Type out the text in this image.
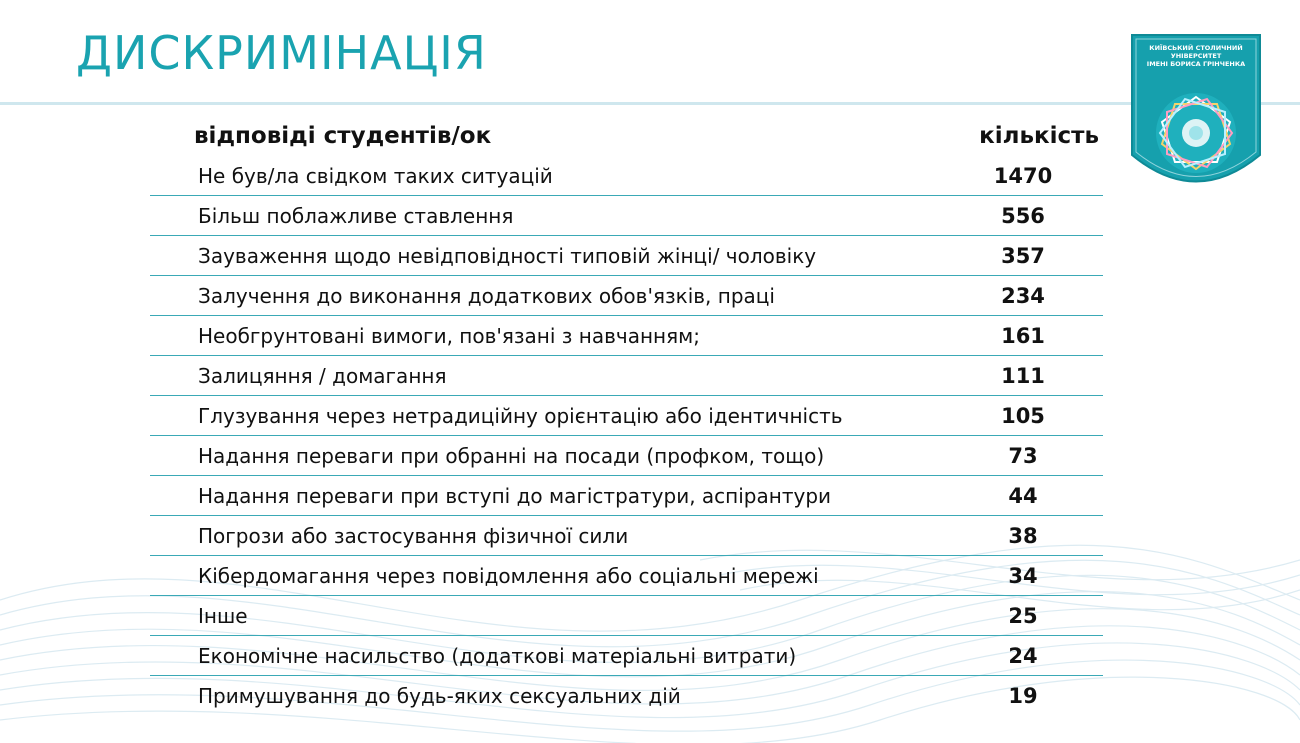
ДИСКРИМІНАЦІЯ	КИЇВСЬКИЙ СТОЛИЧНИЙ УНІВЕРСИТЕТ
ІМЕНІ БОРИСА ГРІНЧЕНКА
відповіді студентів/ок	кількість
Не був/ла свідком таких ситуацій	1470
Більш поблажливе ставлення	556
Зауваження щодо невідповідності типовій жінці/ чоловіку	357
Залучення до виконання додаткових обов'язків, праці	234
Необгрунтовані вимоги, пов'язані з навчанням;	161
Залицяння / домагання	111
Глузування через нетрадиційну орієнтацію або ідентичність	105
Надання переваги при обранні на посади (профком, тощо)	73
Надання переваги при вступі до магістратури, аспірантури	44
Погрози або застосування фізичної сили	38
Кібердомагання через повідомлення або соціальні мережі	34
Інше	25
Економічне насильство (додаткові матеріальні витрати)	24
Примушування до будь-яких сексуальних дій	19
